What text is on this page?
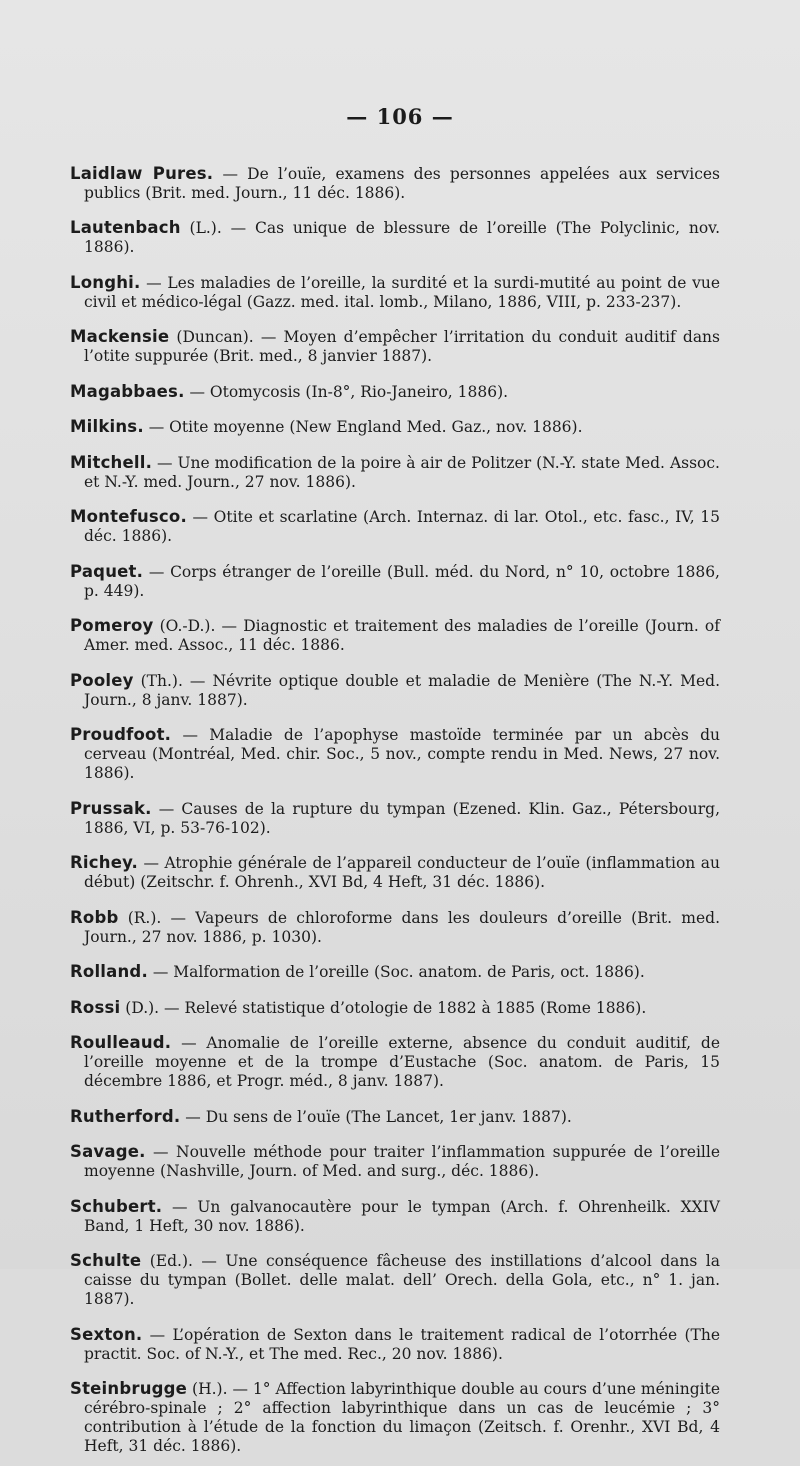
— 106 —

Laidlaw Pures. — De l’ouïe, examens des personnes appelées aux services publics (Brit. med. Journ., 11 déc. 1886).

Lautenbach (L.). — Cas unique de blessure de l’oreille (The Polyclinic, nov. 1886).

Longhi. — Les maladies de l’oreille, la surdité et la surdi-mutité au point de vue civil et médico-légal (Gazz. med. ital. lomb., Milano, 1886, VIII, p. 233-237).

Mackensie (Duncan). — Moyen d’empêcher l’irritation du conduit auditif dans l’otite suppurée (Brit. med., 8 janvier 1887).

Magabbaes. — Otomycosis (In-8°, Rio-Janeiro, 1886).

Milkins. — Otite moyenne (New England Med. Gaz., nov. 1886).

Mitchell. — Une modification de la poire à air de Politzer (N.-Y. state Med. Assoc. et N.-Y. med. Journ., 27 nov. 1886).

Montefusco. — Otite et scarlatine (Arch. Internaz. di lar. Otol., etc. fasc., IV, 15 déc. 1886).

Paquet. — Corps étranger de l’oreille (Bull. méd. du Nord, n° 10, octobre 1886, p. 449).

Pomeroy (O.-D.). — Diagnostic et traitement des maladies de l’oreille (Journ. of Amer. med. Assoc., 11 déc. 1886.

Pooley (Th.). — Névrite optique double et maladie de Menière (The N.-Y. Med. Journ., 8 janv. 1887).

Proudfoot. — Maladie de l’apophyse mastoïde terminée par un abcès du cerveau (Montréal, Med. chir. Soc., 5 nov., compte rendu in Med. News, 27 nov. 1886).

Prussak. — Causes de la rupture du tympan (Ezened. Klin. Gaz., Pétersbourg, 1886, VI, p. 53-76-102).

Richey. — Atrophie générale de l’appareil conducteur de l’ouïe (inflammation au début) (Zeitschr. f. Ohrenh., XVI Bd, 4 Heft, 31 déc. 1886).

Robb (R.). — Vapeurs de chloroforme dans les douleurs d’oreille (Brit. med. Journ., 27 nov. 1886, p. 1030).

Rolland. — Malformation de l’oreille (Soc. anatom. de Paris, oct. 1886).

Rossi (D.). — Relevé statistique d’otologie de 1882 à 1885 (Rome 1886).

Roulleaud. — Anomalie de l’oreille externe, absence du conduit auditif, de l’oreille moyenne et de la trompe d’Eustache (Soc. anatom. de Paris, 15 décembre 1886, et Progr. méd., 8 janv. 1887).

Rutherford. — Du sens de l’ouïe (The Lancet, 1er janv. 1887).

Savage. — Nouvelle méthode pour traiter l’inflammation suppurée de l’oreille moyenne (Nashville, Journ. of Med. and surg., déc. 1886).

Schubert. — Un galvanocautère pour le tympan (Arch. f. Ohrenheilk. XXIV Band, 1 Heft, 30 nov. 1886).

Schulte (Ed.). — Une conséquence fâcheuse des instillations d’alcool dans la caisse du tympan (Bollet. delle malat. dell’ Orech. della Gola, etc., n° 1. jan. 1887).

Sexton. — L’opération de Sexton dans le traitement radical de l’otorrhée (The practit. Soc. of N.-Y., et The med. Rec., 20 nov. 1886).

Steinbrugge (H.). — 1° Affection labyrinthique double au cours d’une méningite cérébro-spinale ; 2° affection labyrinthique dans un cas de leucémie ; 3° contribution à l’étude de la fonction du limaçon (Zeitsch. f. Orenhr., XVI Bd, 4 Heft, 31 déc. 1886).
